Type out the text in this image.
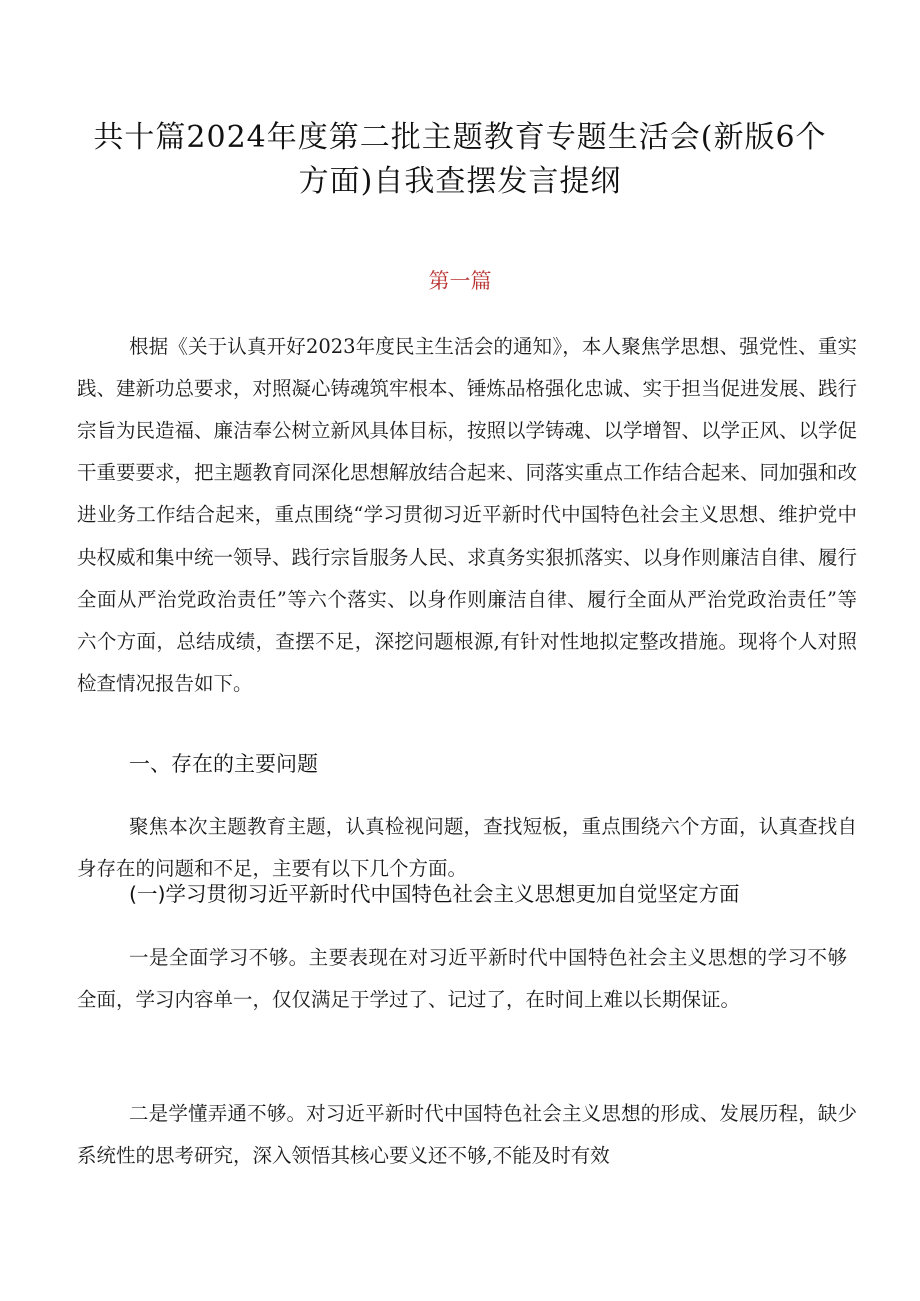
共十篇2024年度第二批主题教育专题生活会(新版6个
方面)自我查摆发言提纲
第一篇

根据《关于认真开好2023年度民主生活会的通知》，本人聚焦学思想、强党性、重实践、建新功总要求，对照凝心铸魂筑牢根本、锤炼品格强化忠诚、实于担当促进发展、践行宗旨为民造福、廉洁奉公树立新风具体目标，按照以学铸魂、以学增智、以学正风、以学促干重要要求，把主题教育同深化思想解放结合起来、同落实重点工作结合起来、同加强和改进业务工作结合起来，重点围绕“学习贯彻习近平新时代中国特色社会主义思想、维护党中央权威和集中统一领导、践行宗旨服务人民、求真务实狠抓落实、以身作则廉洁自律、履行全面从严治党政治责任”等六个落实、以身作则廉洁自律、履行全面从严治党政治责任”等六个方面，总结成绩，查摆不足，深挖问题根源,有针对性地拟定整改措施。现将个人对照检查情况报告如下。

一、存在的主要问题

聚焦本次主题教育主题，认真检视问题，查找短板，重点围绕六个方面，认真查找自身存在的问题和不足，主要有以下几个方面。

(一)学习贯彻习近平新时代中国特色社会主义思想更加自觉坚定方面

一是全面学习不够。主要表现在对习近平新时代中国特色社会主义思想的学习不够全面，学习内容单一，仅仅满足于学过了、记过了，在时间上难以长期保证。

二是学懂弄通不够。对习近平新时代中国特色社会主义思想的形成、发展历程，缺少系统性的思考研究，深入领悟其核心要义还不够,不能及时有效
